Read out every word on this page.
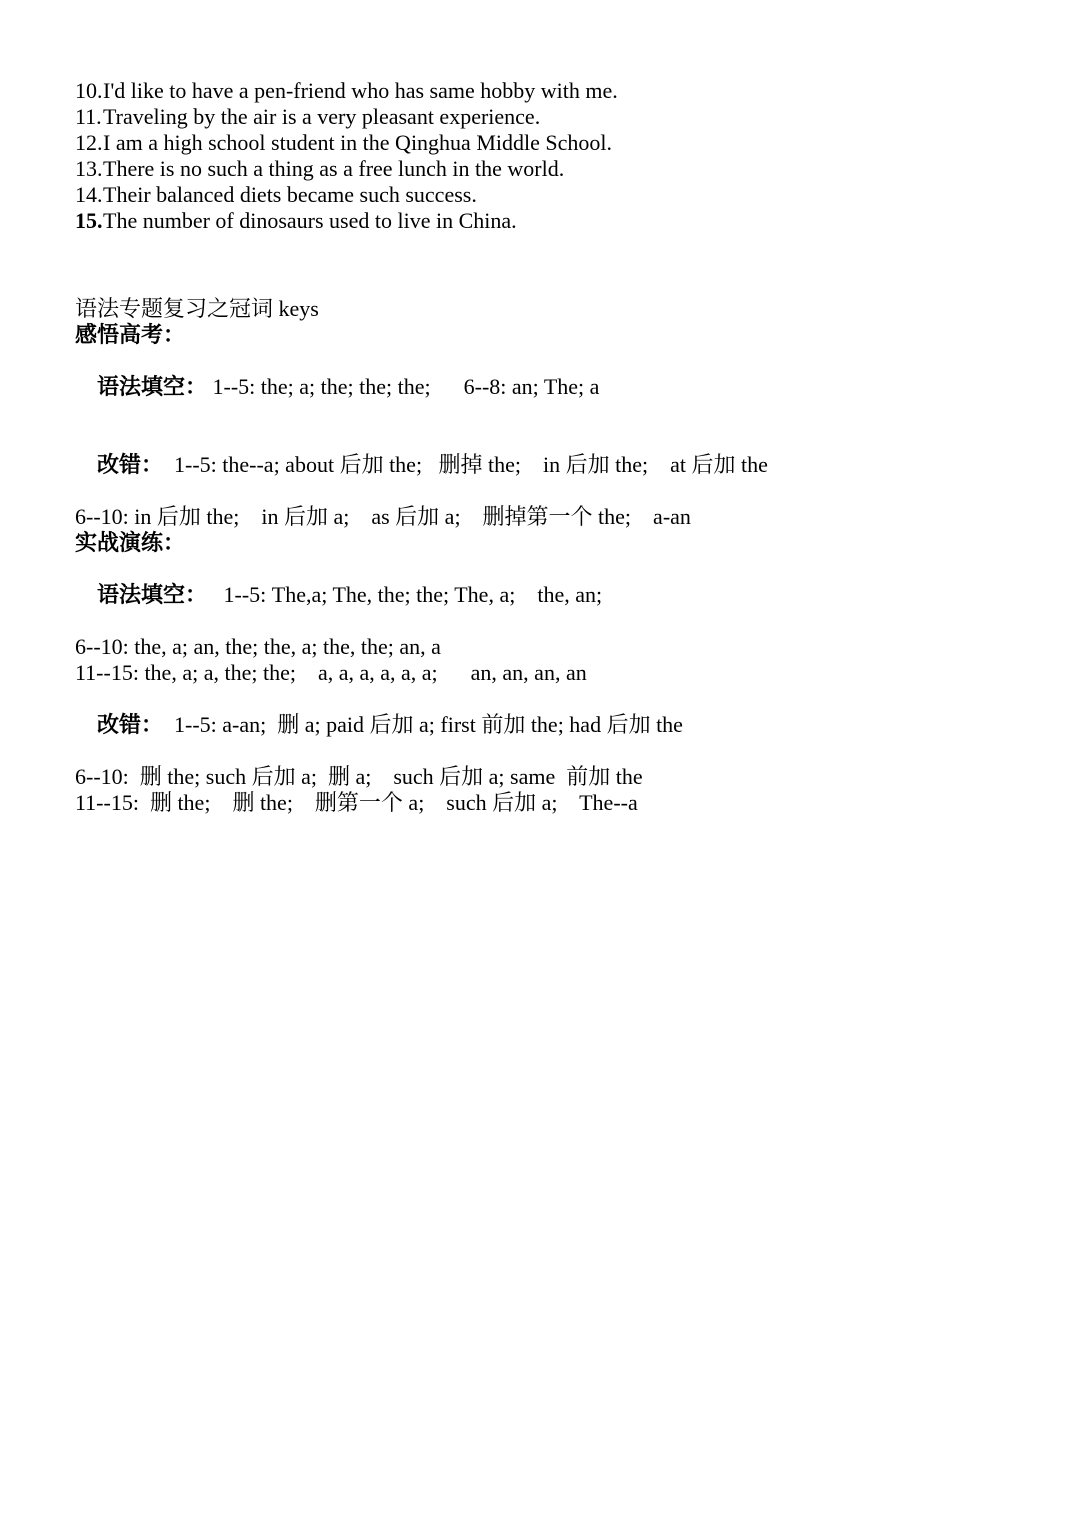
10. I'd like to have a pen-friend who has same hobby with me.

11. Traveling by the air is a very pleasant experience.

12. I am a high school student in the Qinghua Middle School.

13. There is no such a thing as a free lunch in the world.

14. Their balanced diets became such success.

15. The number of dinosaurs used to live in China.

语法专题复习之冠词 keys

感悟高考：

语法填空： 1--5: the; a; the; the; the;      6--8: an; The; a

改错：  1--5: the--a; about 后加 the;   删掉 the;    in 后加 the;    at 后加 the

6--10: in 后加 the;    in 后加 a;    as 后加 a;    删掉第一个 the;    a-an

实战演练：

语法填空：   1--5: The,a; The, the; the; The, a;    the, an;

6--10: the, a; an, the; the, a; the, the; an, a

11--15: the, a; a, the; the;    a, a, a, a, a, a;      an, an, an, an

改错：  1--5: a-an;  删 a; paid 后加 a; first 前加 the; had 后加 the

6--10:  删 the; such 后加 a;  删 a;    such 后加 a; same  前加 the

11--15:  删 the;    删 the;    删第一个 a;    such 后加 a;    The--a
